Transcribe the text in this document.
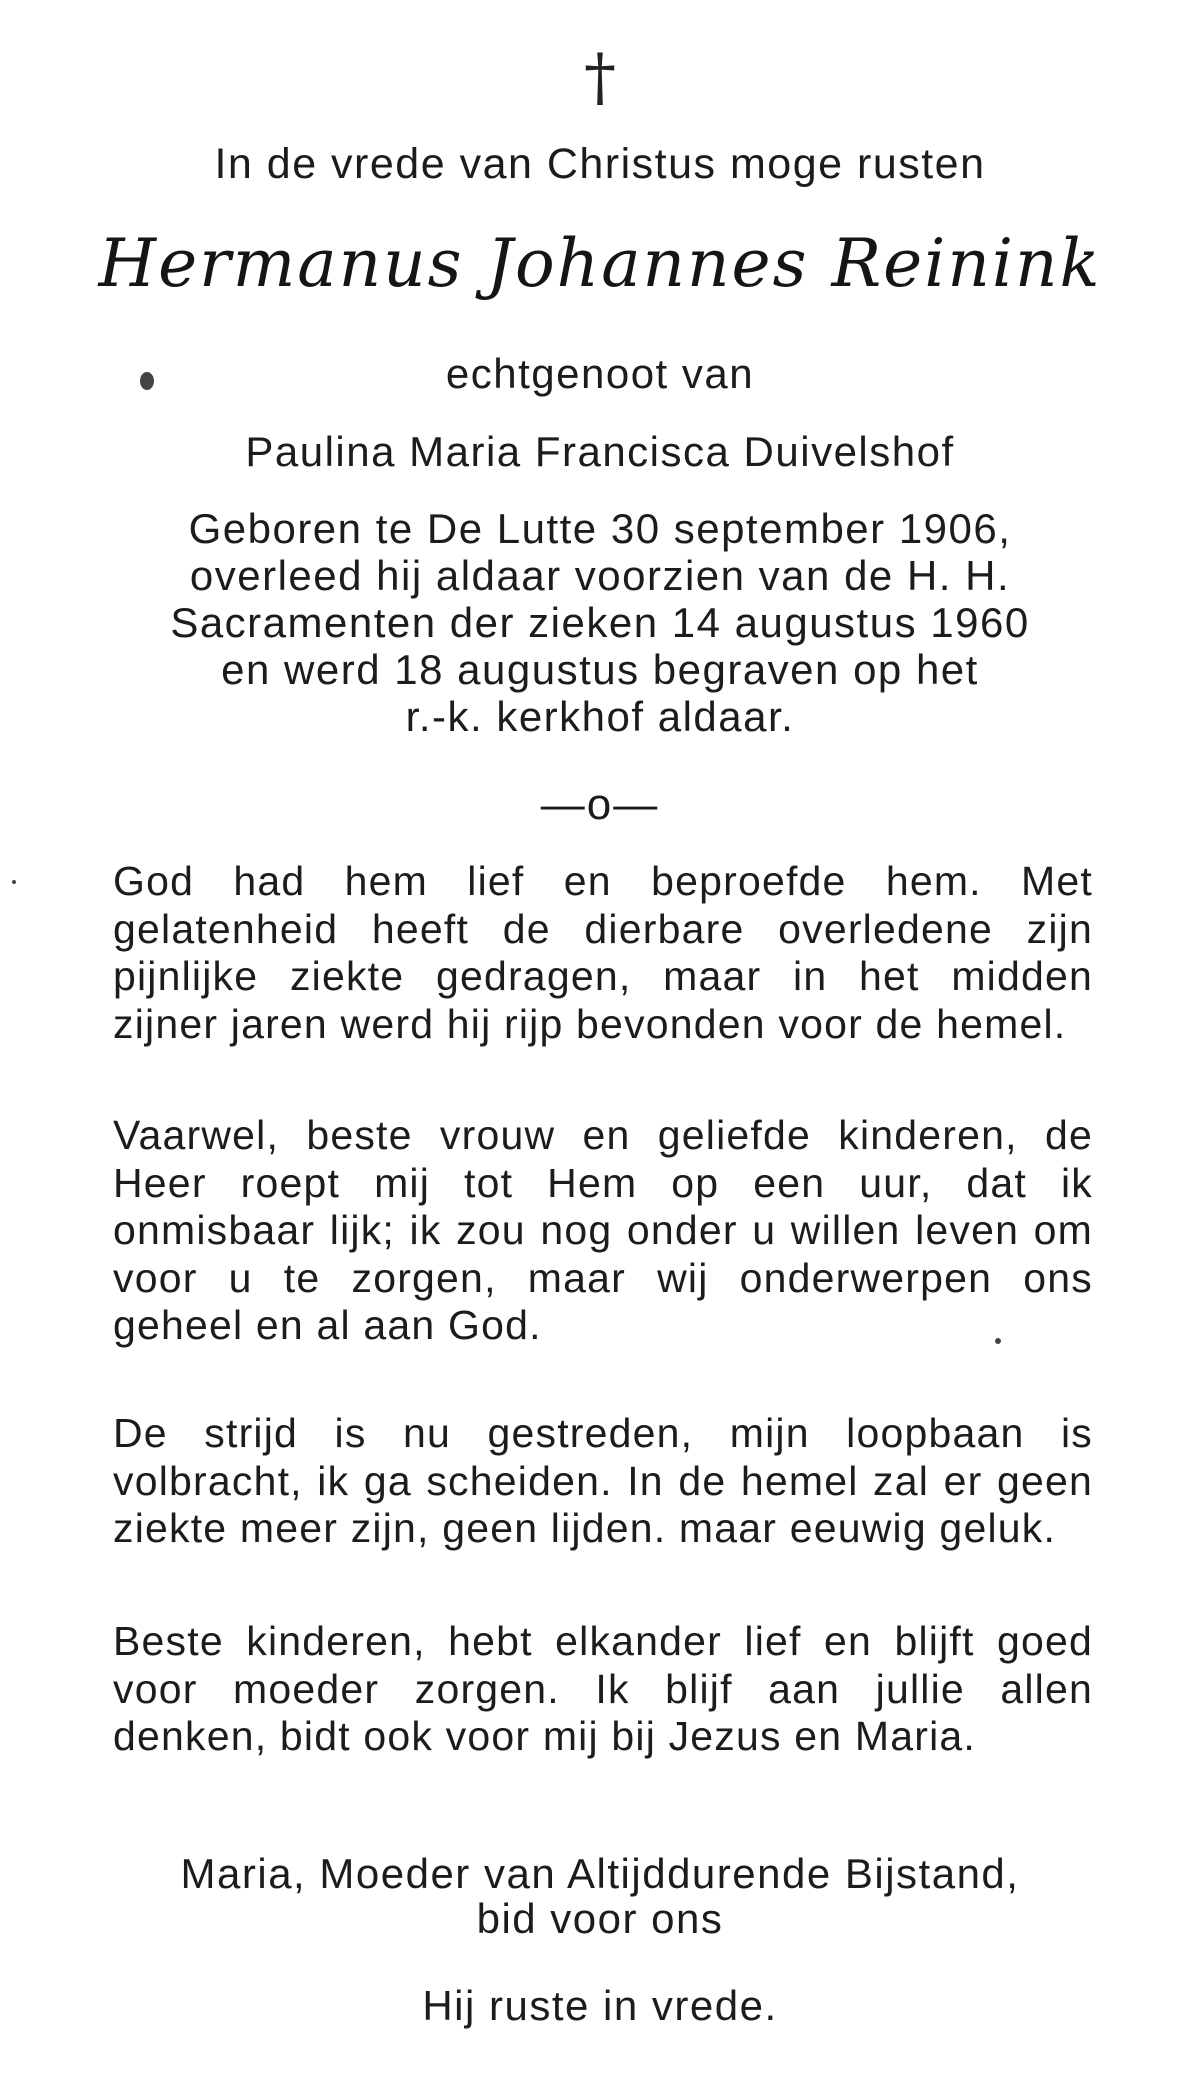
†
In de vrede van Christus moge rusten
Hermanus Johannes Reinink
echtgenoot van
Paulina Maria Francisca Duivelshof
Geboren te De Lutte 30 september 1906,
overleed hij aldaar voorzien van de H. H.
Sacramenten der zieken 14 augustus 1960
en werd 18 augustus begraven op het
r.-k. kerkhof aldaar.
—o—
God had hem lief en beproefde hem. Met gelatenheid heeft de dierbare overledene zijn pijnlijke ziekte gedragen, maar in het midden zijner jaren werd hij rijp bevonden voor de hemel.
Vaarwel, beste vrouw en geliefde kinderen, de Heer roept mij tot Hem op een uur, dat ik onmisbaar lijk; ik zou nog onder u willen leven om voor u te zorgen, maar wij onderwerpen ons geheel en al aan God.
De strijd is nu gestreden, mijn loopbaan is volbracht, ik ga scheiden. In de hemel zal er geen ziekte meer zijn, geen lijden. maar eeuwig geluk.
Beste kinderen, hebt elkander lief en blijft goed voor moeder zorgen. Ik blijf aan jullie allen denken, bidt ook voor mij bij Jezus en Maria.
Maria, Moeder van Altijddurende Bijstand,
bid voor ons
Hij ruste in vrede.
